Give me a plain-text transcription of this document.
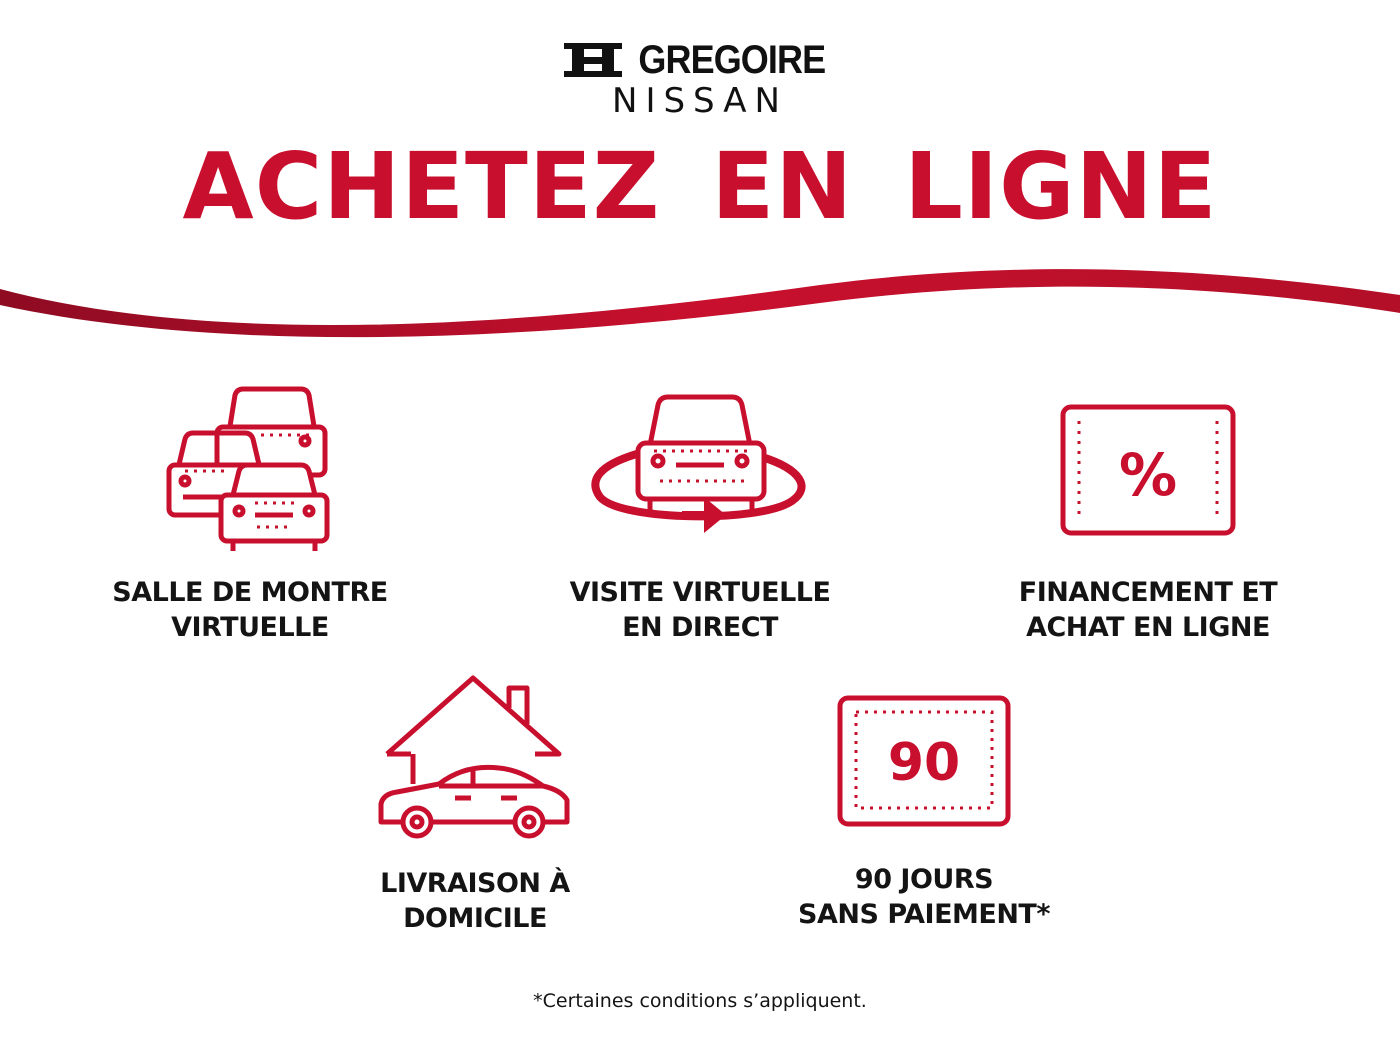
GREGOIRE
NISSAN
ACHETEZ EN LIGNE
SALLE DE MONTRE
VIRTUELLE
VISITE VIRTUELLE
EN DIRECT
%
FINANCEMENT ET
ACHAT EN LIGNE
LIVRAISON À
DOMICILE
90
90 JOURS
SANS PAIEMENT*
*Certaines conditions s’appliquent.
